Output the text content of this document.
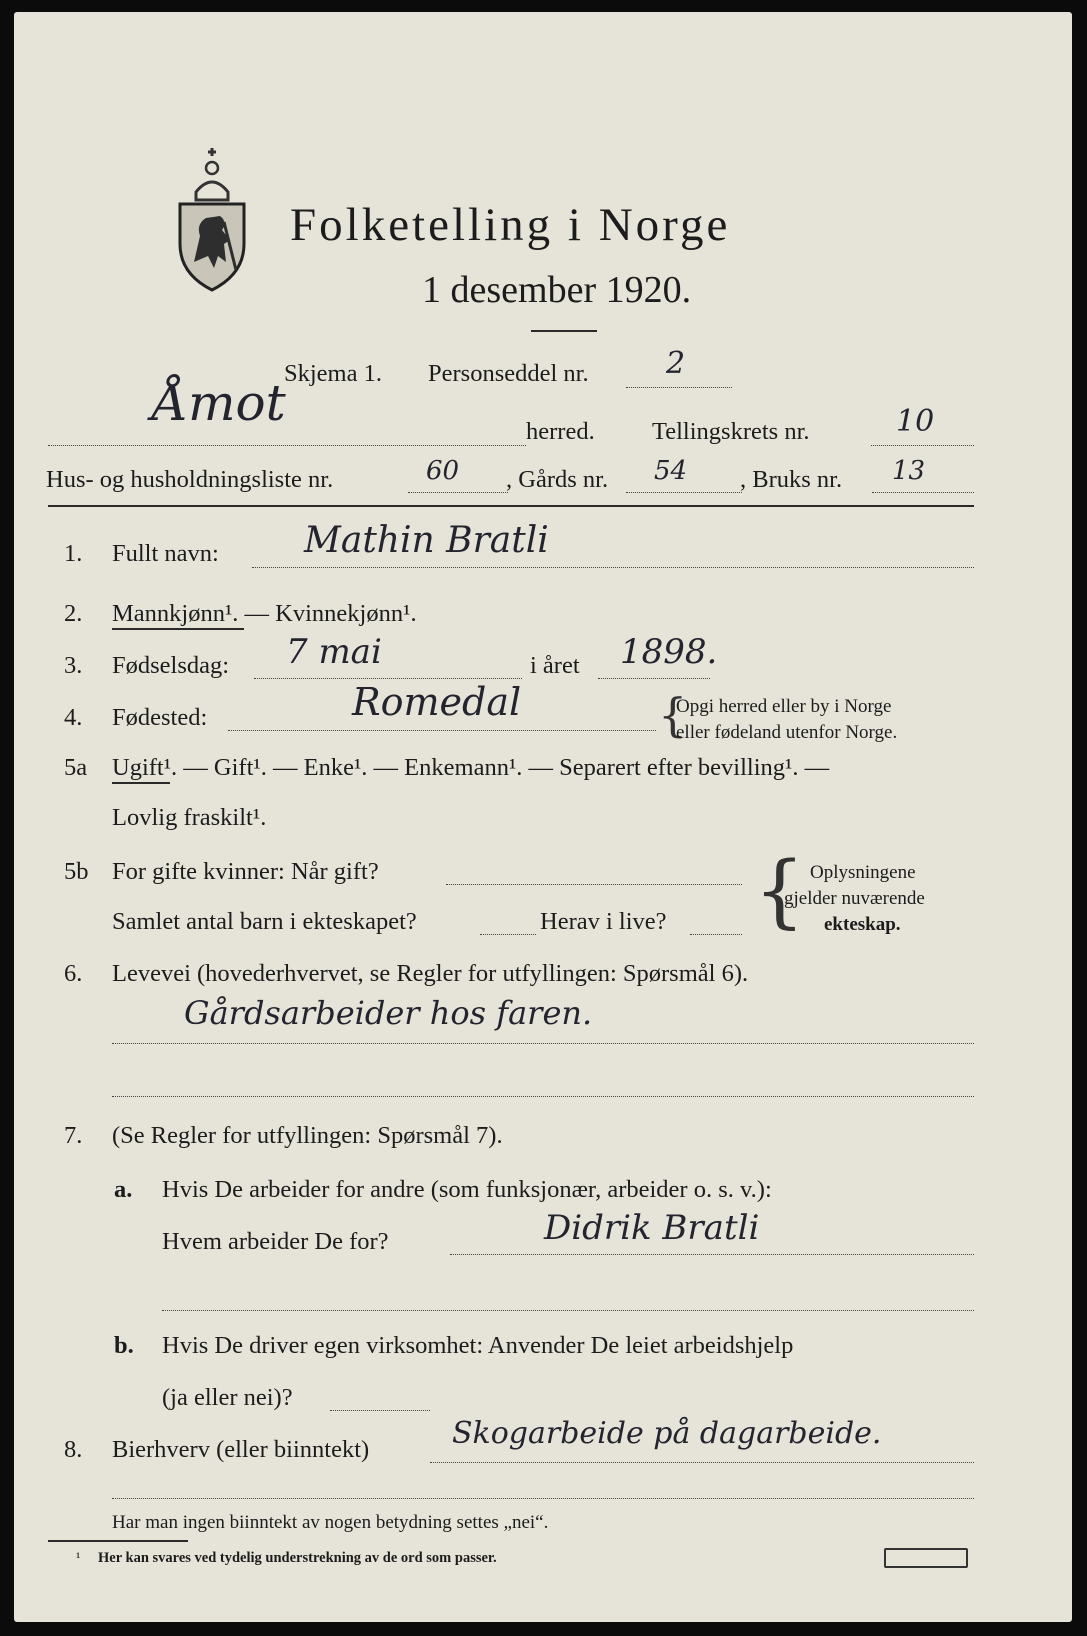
Folketelling i Norge
1 desember 1920.
Skjema 1. Personseddel nr.	2
Åmot	herred. Tellingskrets nr.	10
Hus- og husholdningsliste nr.	60 , Gårds nr. 54 , Bruks nr. 13
1. Fullt navn: Mathin Bratli
2. Mannkjønn¹. — Kvinnekjønn¹.
3. Fødselsdag: 7 mai	i året 1898.
4. Fødested:	Romedal	{
Opgi herred eller by i Norge
eller fødeland utenfor Norge.
5a Ugift¹. — Gift¹. — Enke¹. — Enkemann¹. — Separert efter bevilling¹. —
Lovlig fraskilt¹.
5b For gifte kvinner: Når gift?
Samlet antal barn i ekteskapet?	Herav i live? { Oplysningene
gjelder nuværende
ekteskap.
6. Levevei (hovederhvervet, se Regler for utfyllingen: Spørsmål 6).
Gårdsarbeider hos faren.
7. (Se Regler for utfyllingen: Spørsmål 7).
a. Hvis De arbeider for andre (som funksjonær, arbeider o. s. v.):
Hvem arbeider De for?	Didrik Bratli
b. Hvis De driver egen virksomhet: Anvender De leiet arbeidshjelp
(ja eller nei)?
8. Bierhverv (eller biinntekt)	Skogarbeide på dagarbeide.
Har man ingen biinntekt av nogen betydning settes „nei“.
¹ Her kan svares ved tydelig understrekning av de ord som passer.
